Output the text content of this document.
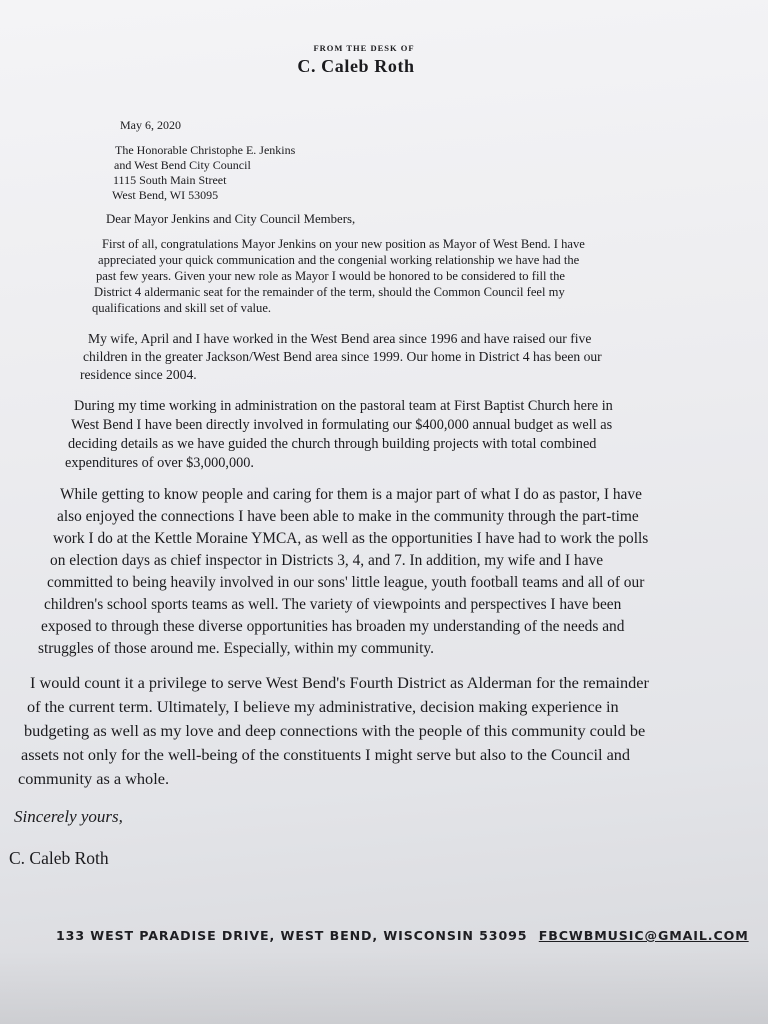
FROM THE DESK OF
C. Caleb Roth
May 6, 2020
The Honorable Christophe E. Jenkins
and West Bend City Council
1115 South Main Street
West Bend, WI 53095
Dear Mayor Jenkins and City Council Members,
First of all, congratulations Mayor Jenkins on your new position as Mayor of West Bend. I have
appreciated your quick communication and the congenial working relationship we have had the
past few years. Given your new role as Mayor I would be honored to be considered to fill the
District 4 aldermanic seat for the remainder of the term, should the Common Council feel my
qualifications and skill set of value.
My wife, April and I have worked in the West Bend area since 1996 and have raised our five
children in the greater Jackson/West Bend area since 1999. Our home in District 4 has been our
residence since 2004.
During my time working in administration on the pastoral team at First Baptist Church here in
West Bend I have been directly involved in formulating our $400,000 annual budget as well as
deciding details as we have guided the church through building projects with total combined
expenditures of over $3,000,000.
While getting to know people and caring for them is a major part of what I do as pastor, I have
also enjoyed the connections I have been able to make in the community through the part-time
work I do at the Kettle Moraine YMCA, as well as the opportunities I have had to work the polls
on election days as chief inspector in Districts 3, 4, and 7. In addition, my wife and I have
committed to being heavily involved in our sons' little league, youth football teams and all of our
children's school sports teams as well. The variety of viewpoints and perspectives I have been
exposed to through these diverse opportunities has broaden my understanding of the needs and
struggles of those around me. Especially, within my community.
I would count it a privilege to serve West Bend's Fourth District as Alderman for the remainder
of the current term. Ultimately, I believe my administrative, decision making experience in
budgeting as well as my love and deep connections with the people of this community could be
assets not only for the well-being of the constituents I might serve but also to the Council and
community as a whole.
Sincerely yours,
C. Caleb Roth
133 WEST PARADISE DRIVE, WEST BEND, WISCONSIN 53095 FBCWBMUSIC@GMAIL.COM
